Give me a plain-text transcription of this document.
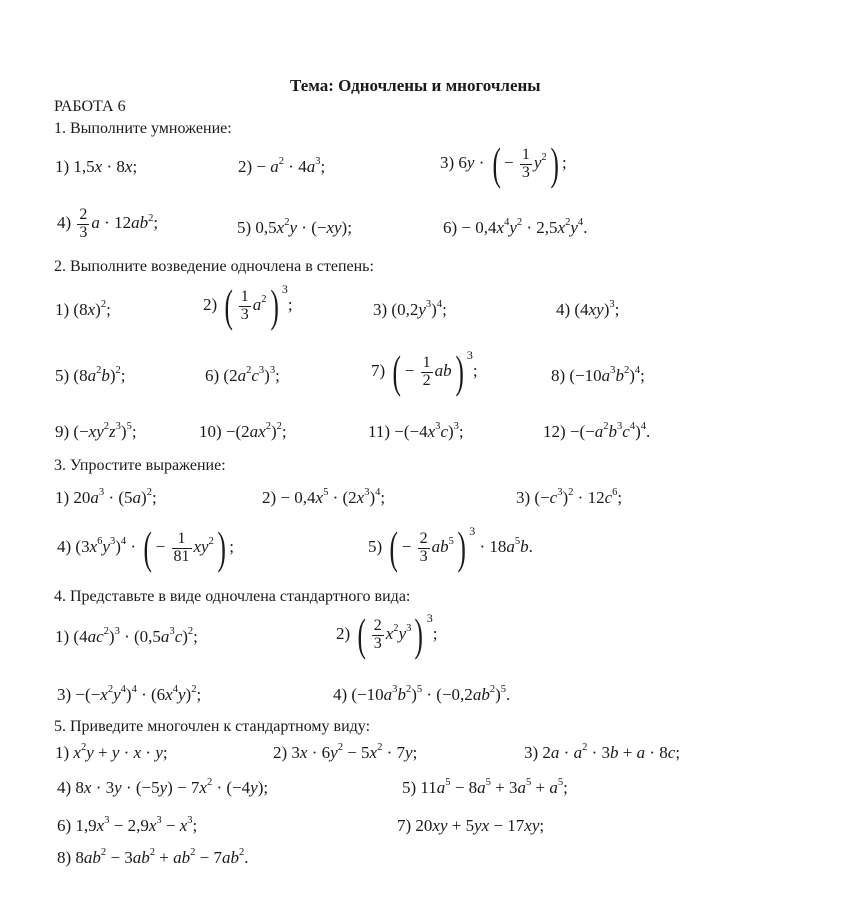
Тема: Одночлены и многочлены
РАБОТА 6
1. Выполните умножение:
1) 1,5x · 8x;	$2) - a^2 \cdot 4a^3$;	3) 6y · ( − $\frac{1}{3} y^2$) ;
$4) \frac{2}{3}$ $a \cdot 12ab^2$;	5) $0,5x^2y \cdot (-xy)$;	$6) - 0,4x^4y^2 \cdot 2,5x^2y^4$.
2. Выполните возведение одночлена в степень:
1) $(8x)^2$;	2) ( $\frac{1}{3} a^2$) $^3$;	3) $(0,2y^3)^4$;	4) $(4xy)^3$;
5) $(8a^2b)^2$;	6) $(2a^2c^3)^3$;	7) ( − $\frac{1}{2} ab$) $^3$;	8) $(-10a^3b^2)^4$;
9) $(-xy^2z^3)^5$;	$10) -(2ax^2)^2$;	$11) -(-4x^3c)^3$;	$12) -(-a^2b^3c^4)^4$.
3. Упростите выражение:
1) $20a^3 \cdot (5a)^2$;	$2) - 0,4x^5 \cdot (2x^3)^4$;	3) $(-c^3)^2 \cdot 12c^6$;
4) $(3x^6y^3)^4$ · ( − $\frac{1}{81} xy^2$) ;	5) ( − $\frac{2}{3} ab^5$) $^3 \cdot 18a^5b$.
4. Представьте в виде одночлена стандартного вида:
1) $(4ac^2)^3 \cdot (0,5a^3c)^2$;	2) ( $\frac{2}{3} x^2y^3$) $^3$;
$3) -(-x^2y^4)^4 \cdot (6x^4y)^2$;	4) $(-10a^3b^2)^5 \cdot (-0,2ab^2)^5$.
5. Приведите многочлен к стандартному виду:
1) $x^2y + y \cdot x \cdot y$;	2) $3x \cdot 6y^2 - 5x^2 \cdot 7y$;	3) $2a \cdot a^2 \cdot 3b + a \cdot 8c$;
4) $8x \cdot 3y \cdot (-5y) - 7x^2 \cdot (-4y)$;	5) $11a^5 - 8a^5 + 3a^5 + a^5$;
6) $1,9x^3 - 2,9x^3 - x^3$;	7) 20xy + 5yx − 17xy;
8) $8ab^2 - 3ab^2 + ab^2 - 7ab^2$.
